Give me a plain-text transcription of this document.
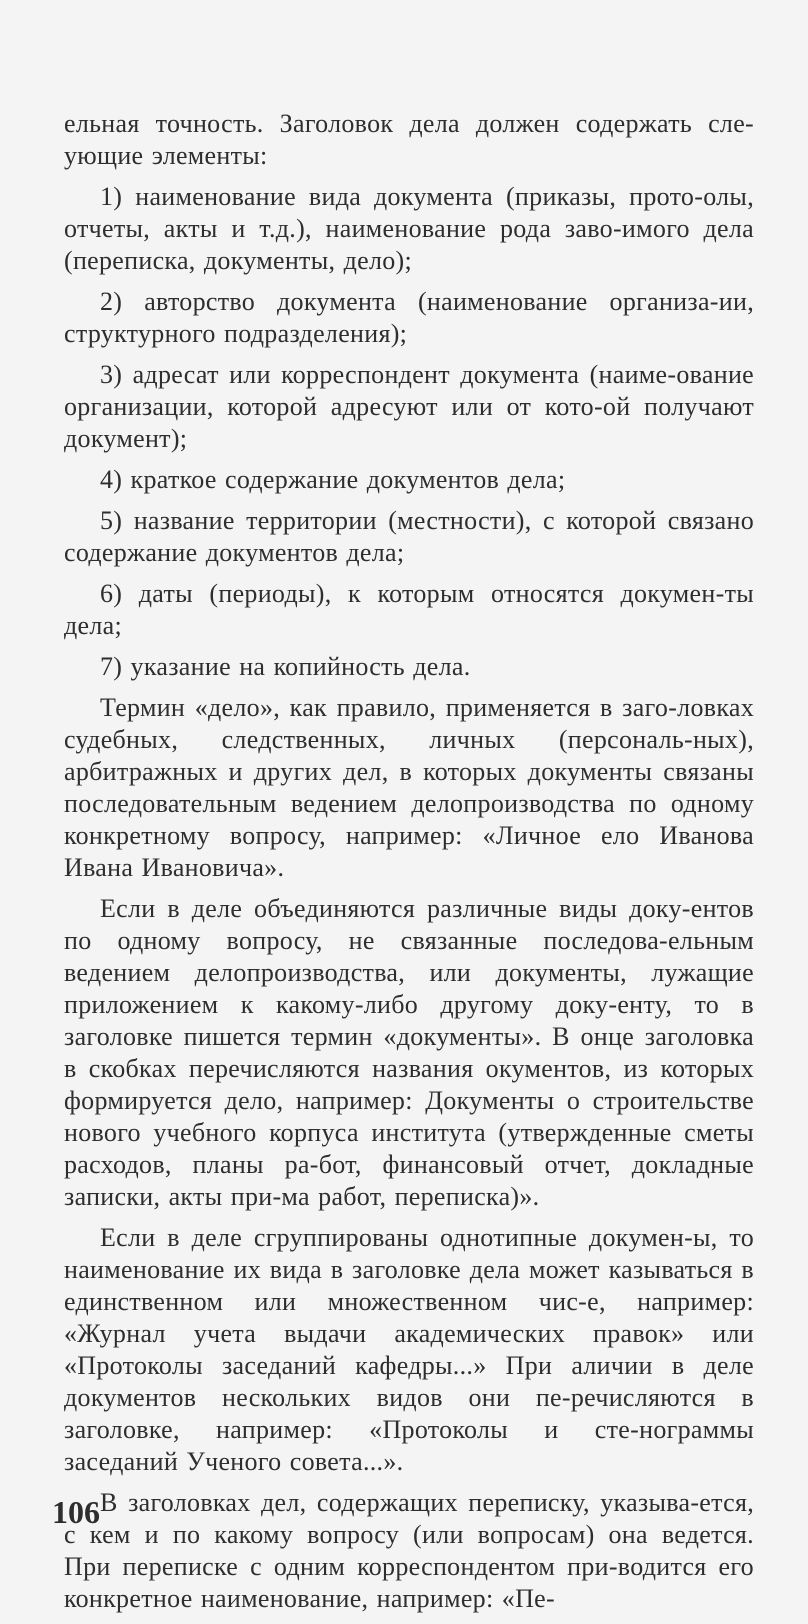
ельная точность. Заголовок дела должен содержать сле-ующие элементы:

1) наименование вида документа (приказы, прото-олы, отчеты, акты и т.д.), наименование рода заво-имого дела (переписка, документы, дело);

2) авторство документа (наименование организа-ии, структурного подразделения);

3) адресат или корреспондент документа (наиме-ование организации, которой адресуют или от кото-ой получают документ);

4) краткое содержание документов дела;

5) название территории (местности), с которой связано содержание документов дела;

6) даты (периоды), к которым относятся докумен-ты дела;

7) указание на копийность дела.

Термин «дело», как правило, применяется в заго-ловках судебных, следственных, личных (персональ-ных), арбитражных и других дел, в которых документы связаны последовательным ведением делопроизводства по одному конкретному вопросу, например: «Личное ело Иванова Ивана Ивановича».

Если в деле объединяются различные виды доку-ентов по одному вопросу, не связанные последова-ельным ведением делопроизводства, или документы, лужащие приложением к какому-либо другому доку-енту, то в заголовке пишется термин «документы». В онце заголовка в скобках перечисляются названия окументов, из которых формируется дело, например: Документы о строительстве нового учебного корпуса института (утвержденные сметы расходов, планы ра-бот, финансовый отчет, докладные записки, акты при-ма работ, переписка)».

Если в деле сгруппированы однотипные докумен-ы, то наименование их вида в заголовке дела может казываться в единственном или множественном чис-е, например: «Журнал учета выдачи академических правок» или «Протоколы заседаний кафедры...» При аличии в деле документов нескольких видов они пе-речисляются в заголовке, например: «Протоколы и сте-нограммы заседаний Ученого совета...».

В заголовках дел, содержащих переписку, указыва-ется, с кем и по какому вопросу (или вопросам) она ведется. При переписке с одним корреспондентом при-водится его конкретное наименование, например: «Пе-

106
